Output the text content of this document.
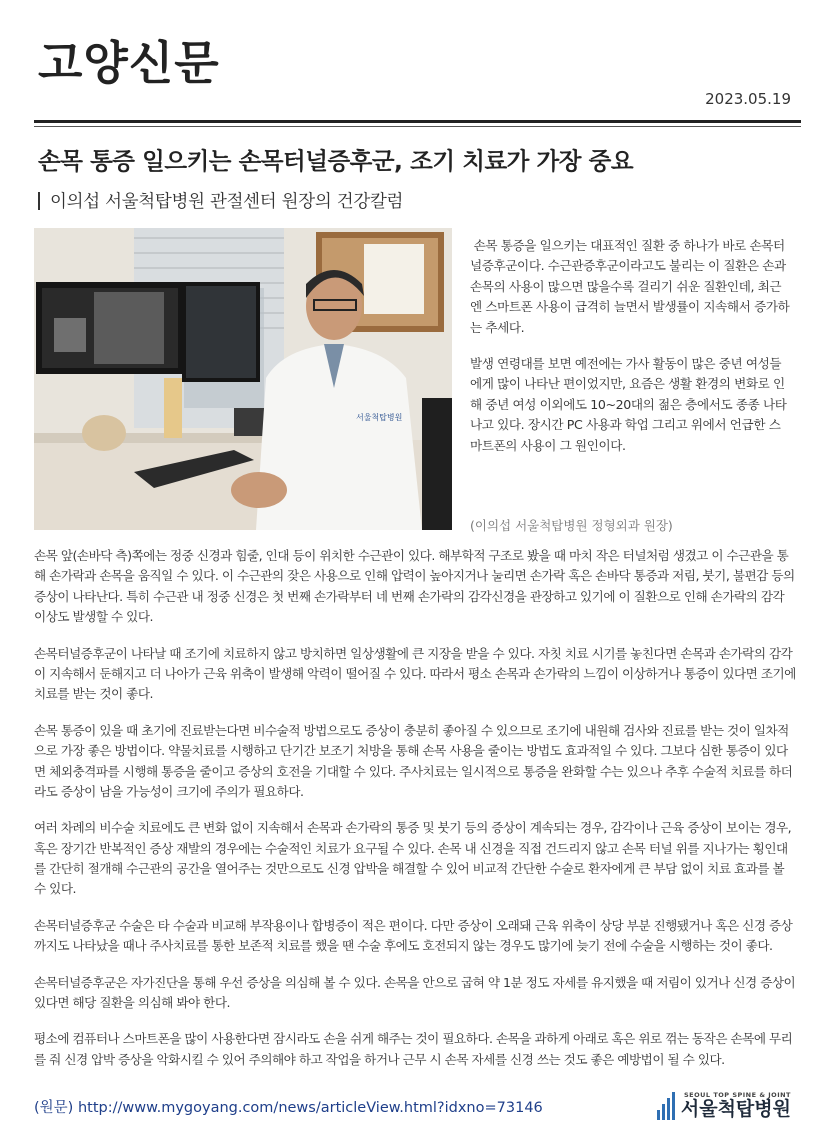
고양신문
2023.05.19
손목 통증 일으키는 손목터널증후군, 조기 치료가 가장 중요
이의섭 서울척탑병원 관절센터 원장의 건강칼럼
서울척탑병원

손목 통증을 일으키는 대표적인 질환 중 하나가 바로 손목터널증후군이다. 수근관증후군이라고도 불리는 이 질환은 손과 손목의 사용이 많으면 많을수록 걸리기 쉬운 질환인데, 최근엔 스마트폰 사용이 급격히 늘면서 발생률이 지속해서 증가하는 추세다.

발생 연령대를 보면 예전에는 가사 활동이 많은 중년 여성들에게 많이 나타난 편이었지만, 요즘은 생활 환경의 변화로 인해 중년 여성 이외에도 10~20대의 젊은 층에서도 종종 나타나고 있다. 장시간 PC 사용과 학업 그리고 위에서 언급한 스마트폰의 사용이 그 원인이다.

(이의섭 서울척탑병원 정형외과 원장)

손목 앞(손바닥 측)쪽에는 정중 신경과 힘줄, 인대 등이 위치한 수근관이 있다. 해부학적 구조로 봤을 때 마치 작은 터널처럼 생겼고 이 수근관을 통해 손가락과 손목을 움직일 수 있다. 이 수근관의 잦은 사용으로 인해 압력이 높아지거나 눌리면 손가락 혹은 손바닥 통증과 저림, 붓기, 불편감 등의 증상이 나타난다. 특히 수근관 내 정중 신경은 첫 번째 손가락부터 네 번째 손가락의 감각신경을 관장하고 있기에 이 질환으로 인해 손가락의 감각 이상도 발생할 수 있다.

손목터널증후군이 나타날 때 조기에 치료하지 않고 방치하면 일상생활에 큰 지장을 받을 수 있다. 자칫 치료 시기를 놓친다면 손목과 손가락의 감각이 지속해서 둔해지고 더 나아가 근육 위축이 발생해 악력이 떨어질 수 있다. 따라서 평소 손목과 손가락의 느낌이 이상하거나 통증이 있다면 조기에 치료를 받는 것이 좋다.

손목 통증이 있을 때 초기에 진료받는다면 비수술적 방법으로도 증상이 충분히 좋아질 수 있으므로 조기에 내원해 검사와 진료를 받는 것이 일차적으로 가장 좋은 방법이다. 약물치료를 시행하고 단기간 보조기 처방을 통해 손목 사용을 줄이는 방법도 효과적일 수 있다. 그보다 심한 통증이 있다면 체외충격파를 시행해 통증을 줄이고 증상의 호전을 기대할 수 있다. 주사치료는 일시적으로 통증을 완화할 수는 있으나 추후 수술적 치료를 하더라도 증상이 남을 가능성이 크기에 주의가 필요하다.

여러 차례의 비수술 치료에도 큰 변화 없이 지속해서 손목과 손가락의 통증 및 붓기 등의 증상이 계속되는 경우, 감각이나 근육 증상이 보이는 경우, 혹은 장기간 반복적인 증상 재발의 경우에는 수술적인 치료가 요구될 수 있다. 손목 내 신경을 직접 건드리지 않고 손목 터널 위를 지나가는 횡인대를 간단히 절개해 수근관의 공간을 열어주는 것만으로도 신경 압박을 해결할 수 있어 비교적 간단한 수술로 환자에게 큰 부담 없이 치료 효과를 볼 수 있다.

손목터널증후군 수술은 타 수술과 비교해 부작용이나 합병증이 적은 편이다. 다만 증상이 오래돼 근육 위축이 상당 부분 진행됐거나 혹은 신경 증상까지도 나타났을 때나 주사치료를 통한 보존적 치료를 했을 땐 수술 후에도 호전되지 않는 경우도 많기에 늦기 전에 수술을 시행하는 것이 좋다.

손목터널증후군은 자가진단을 통해 우선 증상을 의심해 볼 수 있다. 손목을 안으로 굽혀 약 1분 정도 자세를 유지했을 때 저림이 있거나 신경 증상이 있다면 해당 질환을 의심해 봐야 한다.

평소에 컴퓨터나 스마트폰을 많이 사용한다면 잠시라도 손을 쉬게 해주는 것이 필요하다. 손목을 과하게 아래로 혹은 위로 꺾는 동작은 손목에 무리를 줘 신경 압박 증상을 악화시킬 수 있어 주의해야 하고 작업을 하거나 근무 시 손목 자세를 신경 쓰는 것도 좋은 예방법이 될 수 있다.

(원문) http://www.mygoyang.com/news/articleView.html?idxno=73146
SEOUL TOP SPINE & JOINT
서울척탑병원
